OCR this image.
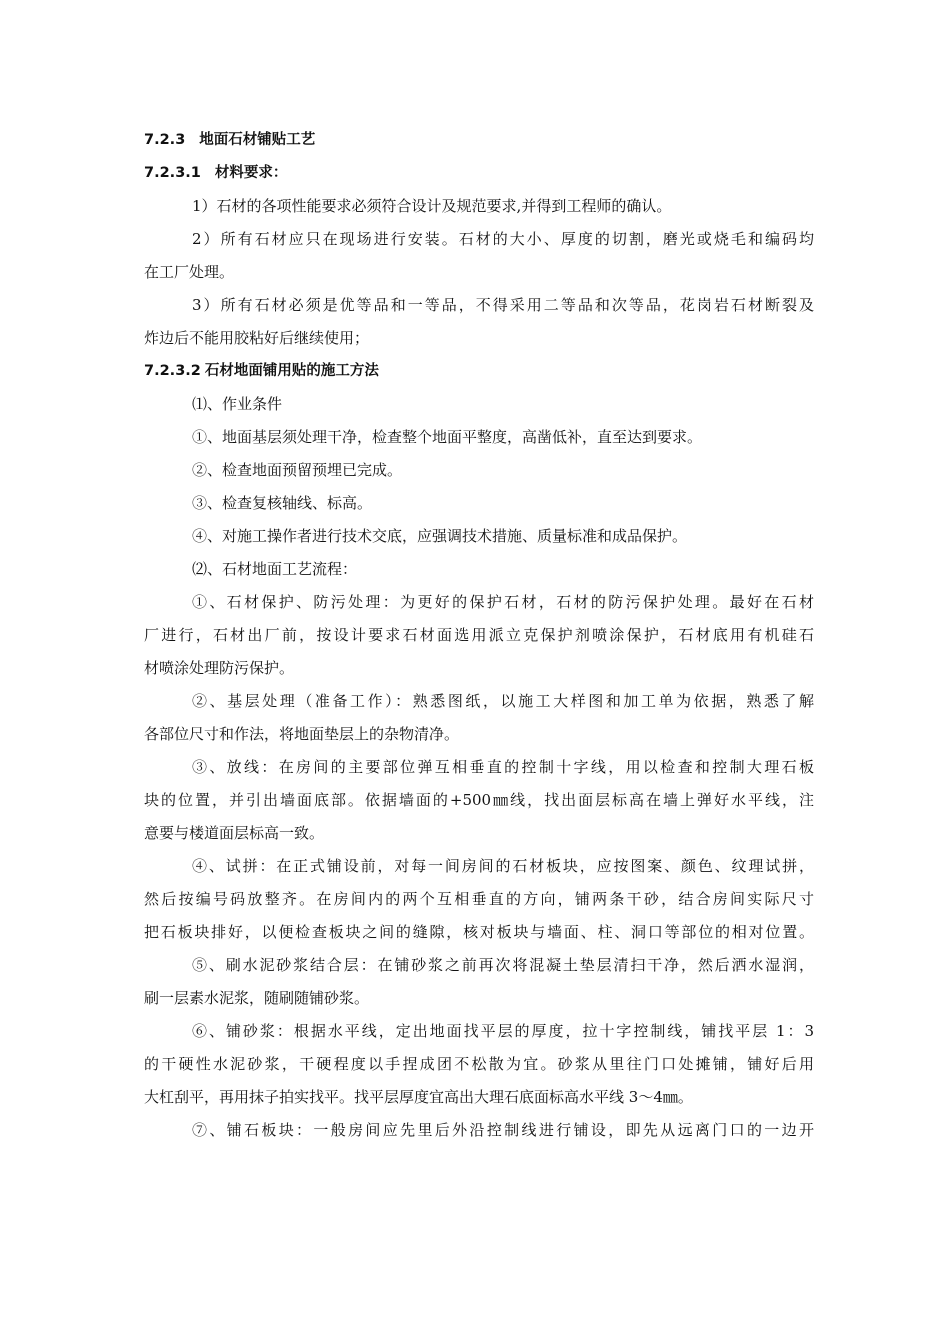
7.2.3 地面石材铺贴工艺
7.2.3.1 材料要求：
1）石材的各项性能要求必须符合设计及规范要求,并得到工程师的确认。
2）所有石材应只在现场进行安装。石材的大小、厚度的切割，磨光或烧毛和编码均
在工厂处理。
3）所有石材必须是优等品和一等品，不得采用二等品和次等品，花岗岩石材断裂及
炸边后不能用胶粘好后继续使用；
7.2.3.2 石材地面铺用贴的施工方法
⑴、作业条件
①、地面基层须处理干净，检查整个地面平整度，高凿低补，直至达到要求。
②、检查地面预留预埋已完成。
③、检查复核轴线、标高。
④、对施工操作者进行技术交底，应强调技术措施、质量标准和成品保护。
⑵、石材地面工艺流程：
①、石材保护、防污处理：为更好的保护石材，石材的防污保护处理。最好在石材
厂进行，石材出厂前，按设计要求石材面选用派立克保护剂喷涂保护，石材底用有机硅石
材喷涂处理防污保护。
②、基层处理（准备工作）：熟悉图纸，以施工大样图和加工单为依据，熟悉了解
各部位尺寸和作法，将地面垫层上的杂物清净。
③、放线：在房间的主要部位弹互相垂直的控制十字线，用以检查和控制大理石板
块的位置，并引出墙面底部。依据墙面的+500㎜线，找出面层标高在墙上弹好水平线，注
意要与楼道面层标高一致。
④、试拼：在正式铺设前，对每一间房间的石材板块，应按图案、颜色、纹理试拼，
然后按编号码放整齐。在房间内的两个互相垂直的方向，铺两条干砂，结合房间实际尺寸
把石板块排好，以便检查板块之间的缝隙，核对板块与墙面、柱、洞口等部位的相对位置。
⑤、刷水泥砂浆结合层：在铺砂浆之前再次将混凝土垫层清扫干净，然后洒水湿润，
刷一层素水泥浆，随刷随铺砂浆。
⑥、铺砂浆：根据水平线，定出地面找平层的厚度，拉十字控制线，铺找平层 1：3
的干硬性水泥砂浆，干硬程度以手捏成团不松散为宜。砂浆从里往门口处摊铺，铺好后用
大杠刮平，再用抹子拍实找平。找平层厚度宜高出大理石底面标高水平线 3～4㎜。
⑦、铺石板块：一般房间应先里后外沿控制线进行铺设，即先从远离门口的一边开
